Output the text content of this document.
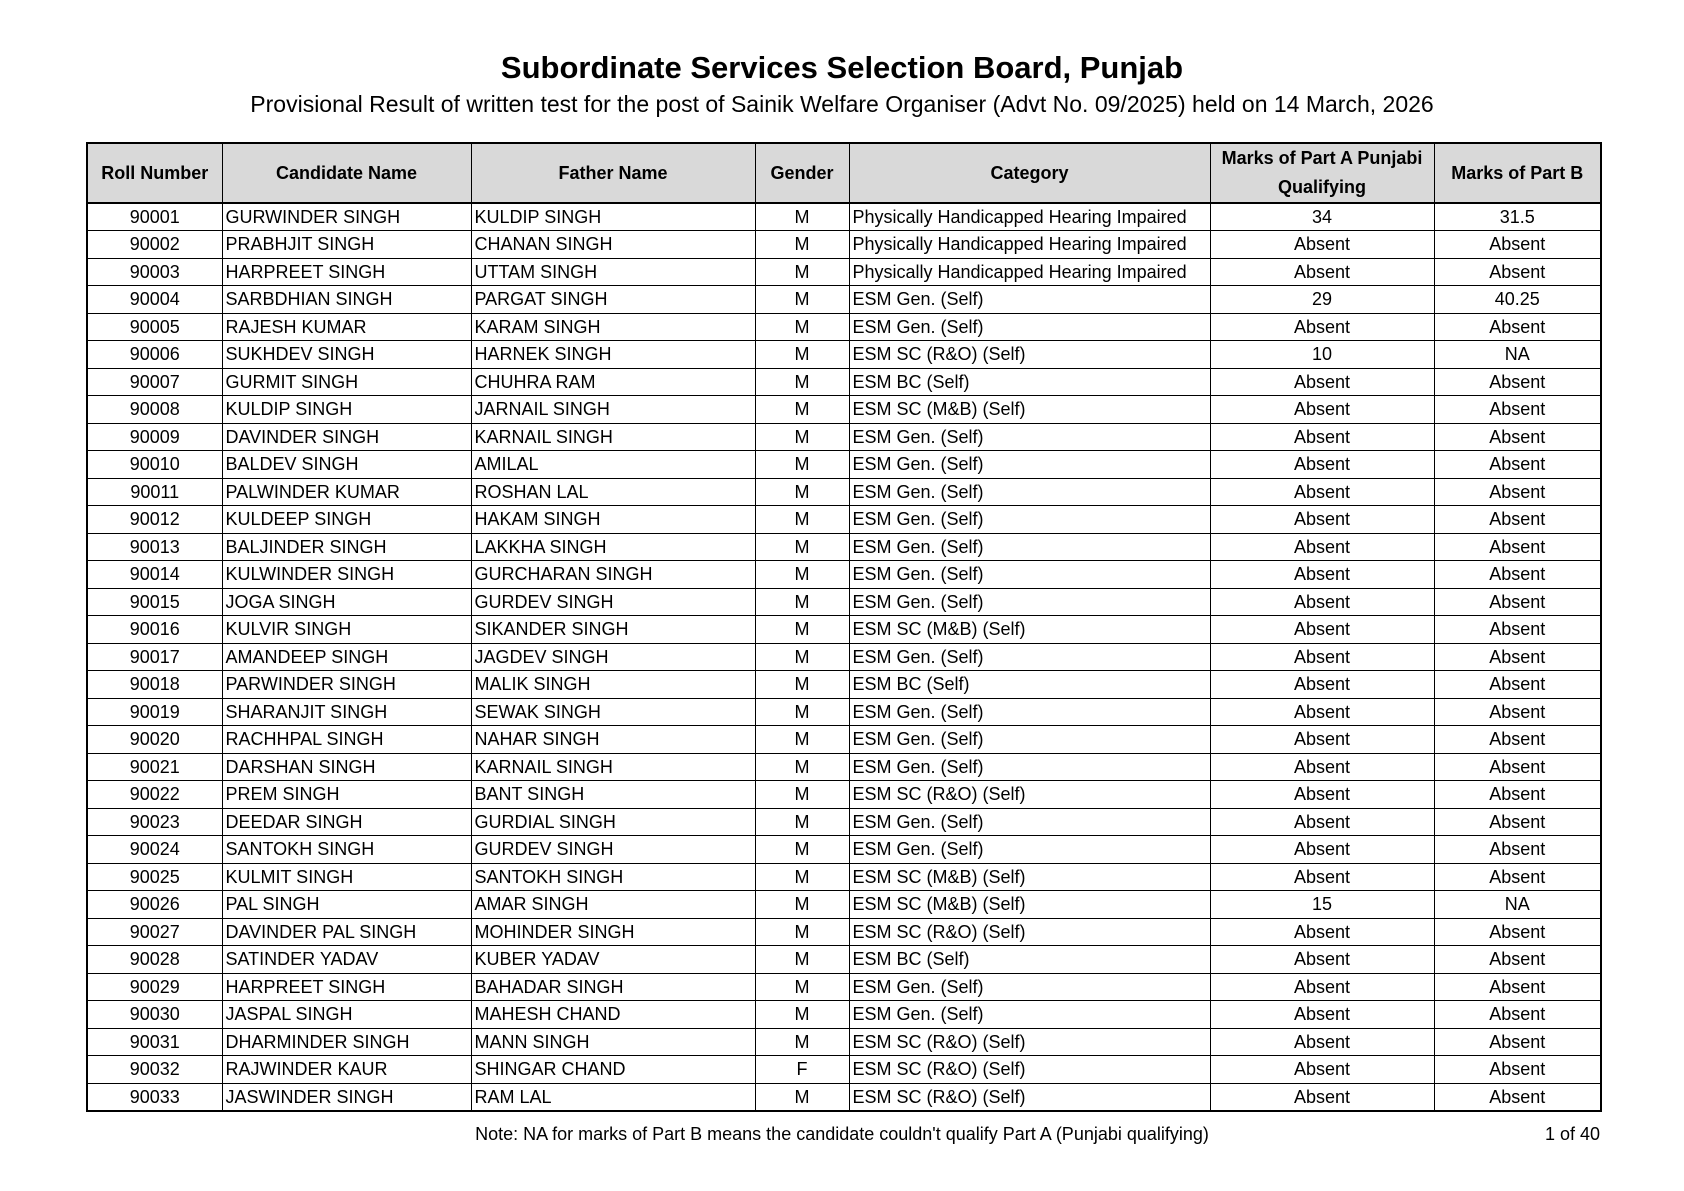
Subordinate Services Selection Board, Punjab
Provisional Result of written test for the post of Sainik Welfare Organiser (Advt No. 09/2025) held on 14 March, 2026
Roll Number	Candidate Name	Father Name	Gender	Category	Marks of Part A Punjabi Qualifying	Marks of Part B
90001	GURWINDER SINGH	KULDIP SINGH	M	Physically Handicapped Hearing Impaired	34	31.5
90002	PRABHJIT SINGH	CHANAN SINGH	M	Physically Handicapped Hearing Impaired	Absent	Absent
90003	HARPREET SINGH	UTTAM SINGH	M	Physically Handicapped Hearing Impaired	Absent	Absent
90004	SARBDHIAN SINGH	PARGAT SINGH	M	ESM Gen. (Self)	29	40.25
90005	RAJESH KUMAR	KARAM SINGH	M	ESM Gen. (Self)	Absent	Absent
90006	SUKHDEV SINGH	HARNEK SINGH	M	ESM SC (R&O) (Self)	10	NA
90007	GURMIT SINGH	CHUHRA RAM	M	ESM BC (Self)	Absent	Absent
90008	KULDIP SINGH	JARNAIL SINGH	M	ESM SC (M&B) (Self)	Absent	Absent
90009	DAVINDER SINGH	KARNAIL SINGH	M	ESM Gen. (Self)	Absent	Absent
90010	BALDEV SINGH	AMILAL	M	ESM Gen. (Self)	Absent	Absent
90011	PALWINDER KUMAR	ROSHAN LAL	M	ESM Gen. (Self)	Absent	Absent
90012	KULDEEP SINGH	HAKAM SINGH	M	ESM Gen. (Self)	Absent	Absent
90013	BALJINDER SINGH	LAKKHA SINGH	M	ESM Gen. (Self)	Absent	Absent
90014	KULWINDER SINGH	GURCHARAN SINGH	M	ESM Gen. (Self)	Absent	Absent
90015	JOGA SINGH	GURDEV SINGH	M	ESM Gen. (Self)	Absent	Absent
90016	KULVIR SINGH	SIKANDER SINGH	M	ESM SC (M&B) (Self)	Absent	Absent
90017	AMANDEEP SINGH	JAGDEV SINGH	M	ESM Gen. (Self)	Absent	Absent
90018	PARWINDER SINGH	MALIK SINGH	M	ESM BC (Self)	Absent	Absent
90019	SHARANJIT SINGH	SEWAK SINGH	M	ESM Gen. (Self)	Absent	Absent
90020	RACHHPAL SINGH	NAHAR SINGH	M	ESM Gen. (Self)	Absent	Absent
90021	DARSHAN SINGH	KARNAIL SINGH	M	ESM Gen. (Self)	Absent	Absent
90022	PREM SINGH	BANT SINGH	M	ESM SC (R&O) (Self)	Absent	Absent
90023	DEEDAR SINGH	GURDIAL SINGH	M	ESM Gen. (Self)	Absent	Absent
90024	SANTOKH SINGH	GURDEV SINGH	M	ESM Gen. (Self)	Absent	Absent
90025	KULMIT SINGH	SANTOKH SINGH	M	ESM SC (M&B) (Self)	Absent	Absent
90026	PAL SINGH	AMAR SINGH	M	ESM SC (M&B) (Self)	15	NA
90027	DAVINDER PAL SINGH	MOHINDER SINGH	M	ESM SC (R&O) (Self)	Absent	Absent
90028	SATINDER YADAV	KUBER YADAV	M	ESM BC (Self)	Absent	Absent
90029	HARPREET SINGH	BAHADAR SINGH	M	ESM Gen. (Self)	Absent	Absent
90030	JASPAL SINGH	MAHESH CHAND	M	ESM Gen. (Self)	Absent	Absent
90031	DHARMINDER SINGH	MANN SINGH	M	ESM SC (R&O) (Self)	Absent	Absent
90032	RAJWINDER KAUR	SHINGAR CHAND	F	ESM SC (R&O) (Self)	Absent	Absent
90033	JASWINDER SINGH	RAM LAL	M	ESM SC (R&O) (Self)	Absent	Absent
Note: NA for marks of Part B means the candidate couldn't qualify Part A (Punjabi qualifying)	1 of 40
